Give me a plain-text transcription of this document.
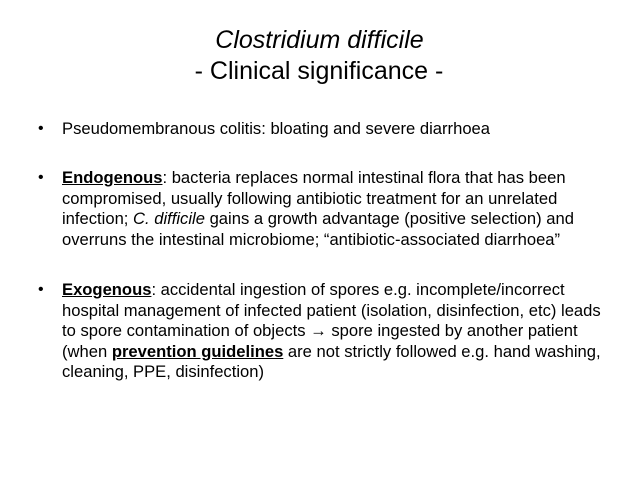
Clostridium difficile
- Clinical significance -
• Pseudomembranous colitis: bloating and severe diarrhoea
• Endogenous: bacteria replaces normal intestinal flora that has been compromised, usually following antibiotic treatment for an unrelated infection; C. difficile gains a growth advantage (positive selection) and overruns the intestinal microbiome; “antibiotic-associated diarrhoea”
• Exogenous: accidental ingestion of spores e.g. incomplete/incorrect hospital management of infected patient (isolation, disinfection, etc) leads to spore contamination of objects → spore ingested by another patient (when prevention guidelines are not strictly followed e.g. hand washing, cleaning, PPE, disinfection)
